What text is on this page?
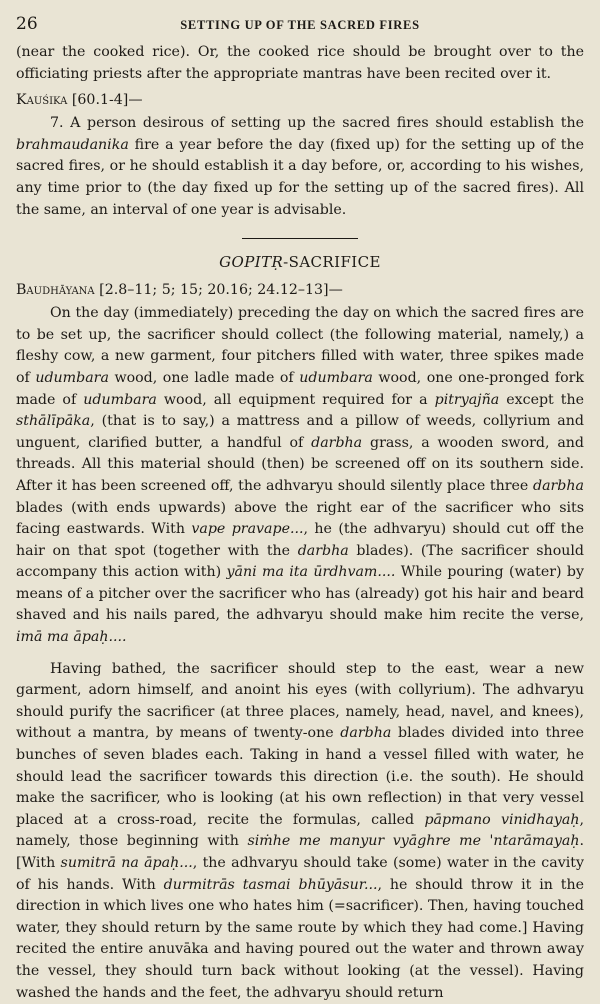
26	SETTING UP OF THE SACRED FIRES

(near the cooked rice). Or, the cooked rice should be brought over to the officiating priests after the appropriate mantras have been recited over it.

Kauśika [60.1-4]—

7. A person desirous of setting up the sacred fires should establish the brahmaudanika fire a year before the day (fixed up) for the setting up of the sacred fires, or he should establish it a day before, or, according to his wishes, any time prior to (the day fixed up for the setting up of the sacred fires). All the same, an interval of one year is advisable.

GOPITṚ-SACRIFICE
Baudhāyana [2.8–11; 5; 15; 20.16; 24.12–13]—

On the day (immediately) preceding the day on which the sacred fires are to be set up, the sacrificer should collect (the following material, namely,) a fleshy cow, a new garment, four pitchers filled with water, three spikes made of udumbara wood, one ladle made of udumbara wood, one one-pronged fork made of udumbara wood, all equipment required for a pitryajña except the sthālīpāka, (that is to say,) a mattress and a pillow of weeds, collyrium and unguent, clarified butter, a handful of darbha grass, a wooden sword, and threads. All this material should (then) be screened off on its southern side. After it has been screened off, the adhvaryu should silently place three darbha blades (with ends upwards) above the right ear of the sacrificer who sits facing eastwards. With vape pravape..., he (the adhvaryu) should cut off the hair on that spot (together with the darbha blades). (The sacrificer should accompany this action with) yāni ma ita ūrdhvam.... While pouring (water) by means of a pitcher over the sacrificer who has (already) got his hair and beard shaved and his nails pared, the adhvaryu should make him recite the verse, imā ma āpaḥ....

Having bathed, the sacrificer should step to the east, wear a new garment, adorn himself, and anoint his eyes (with collyrium). The adhvaryu should purify the sacrificer (at three places, namely, head, navel, and knees), without a mantra, by means of twenty-one darbha blades divided into three bunches of seven blades each. Taking in hand a vessel filled with water, he should lead the sacrificer towards this direction (i.e. the south). He should make the sacrificer, who is looking (at his own reflection) in that very vessel placed at a cross-road, recite the formulas, called pāpmano vinidhayaḥ, namely, those beginning with siṁhe me manyur vyāghre me 'ntarāmayaḥ. [With sumitrā na āpaḥ..., the adhvaryu should take (some) water in the cavity of his hands. With durmitrās tasmai bhūyāsur..., he should throw it in the direction in which lives one who hates him (=sacrificer). Then, having touched water, they should return by the same route by which they had come.] Having recited the entire anuvāka and having poured out the water and thrown away the vessel, they should turn back without looking (at the vessel). Having washed the hands and the feet, the adhvaryu should return
